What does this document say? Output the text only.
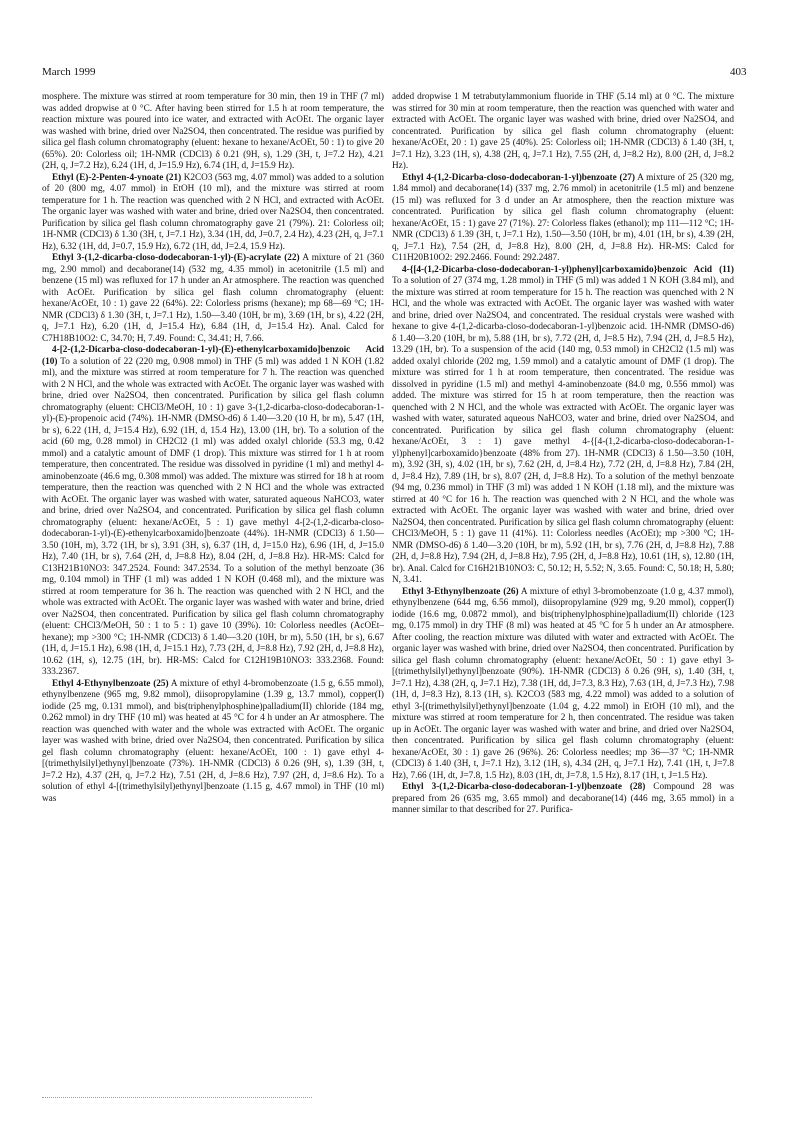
March 1999	403

mosphere. The mixture was stirred at room temperature for 30 min, then 19 in THF (7 ml) was added dropwise at 0 °C. After having been stirred for 1.5 h at room temperature, the reaction mixture was poured into ice water, and extracted with AcOEt. The organic layer was washed with brine, dried over Na2SO4, then concentrated. The residue was purified by silica gel flash column chromatography (eluent: hexane to hexane/AcOEt, 50 : 1) to give 20 (65%). 20: Colorless oil; 1H-NMR (CDCl3) δ 0.21 (9H, s), 1.29 (3H, t, J=7.2 Hz), 4.21 (2H, q, J=7.2 Hz), 6.24 (1H, d, J=15.9 Hz), 6.74 (1H, d, J=15.9 Hz).

Ethyl (E)-2-Penten-4-ynoate (21) K2CO3 (563 mg, 4.07 mmol) was added to a solution of 20 (800 mg, 4.07 mmol) in EtOH (10 ml), and the mixture was stirred at room temperature for 1 h. The reaction was quenched with 2 N HCl, and extracted with AcOEt. The organic layer was washed with water and brine, dried over Na2SO4, then concentrated. Purification by silica gel flash column chromatography gave 21 (79%). 21: Colorless oil; 1H-NMR (CDCl3) δ 1.30 (3H, t, J=7.1 Hz), 3.34 (1H, dd, J=0.7, 2.4 Hz), 4.23 (2H, q, J=7.1 Hz), 6.32 (1H, dd, J=0.7, 15.9 Hz), 6.72 (1H, dd, J=2.4, 15.9 Hz).

Ethyl 3-(1,2-dicarba-closo-dodecaboran-1-yl)-(E)-acrylate (22) A mixture of 21 (360 mg, 2.90 mmol) and decaborane(14) (532 mg, 4.35 mmol) in acetonitrile (1.5 ml) and benzene (15 ml) was refluxed for 17 h under an Ar atmosphere. The reaction was quenched with AcOEt. Purification by silica gel flash column chromatography (eluent: hexane/AcOEt, 10 : 1) gave 22 (64%). 22: Colorless prisms (hexane); mp 68—69 °C; 1H-NMR (CDCl3) δ 1.30 (3H, t, J=7.1 Hz), 1.50—3.40 (10H, br m), 3.69 (1H, br s), 4.22 (2H, q, J=7.1 Hz), 6.20 (1H, d, J=15.4 Hz), 6.84 (1H, d, J=15.4 Hz). Anal. Calcd for C7H18B10O2: C, 34.70; H, 7.49. Found: C, 34.41; H, 7.66.

4-[2-(1,2-Dicarba-closo-dodecaboran-1-yl)-(E)-ethenylcarboxamido]benzoic Acid (10) To a solution of 22 (220 mg, 0.908 mmol) in THF (5 ml) was added 1 N KOH (1.82 ml), and the mixture was stirred at room temperature for 7 h. The reaction was quenched with 2 N HCl, and the whole was extracted with AcOEt. The organic layer was washed with brine, dried over Na2SO4, then concentrated. Purification by silica gel flash column chromatography (eluent: CHCl3/MeOH, 10 : 1) gave 3-(1,2-dicarba-closo-dodecaboran-1-yl)-(E)-propenoic acid (74%). 1H-NMR (DMSO-d6) δ 1.40—3.20 (10 H, br m), 5.47 (1H, br s), 6.22 (1H, d, J=15.4 Hz), 6.92 (1H, d, 15.4 Hz), 13.00 (1H, br). To a solution of the acid (60 mg, 0.28 mmol) in CH2Cl2 (1 ml) was added oxalyl chloride (53.3 mg, 0.42 mmol) and a catalytic amount of DMF (1 drop). This mixture was stirred for 1 h at room temperature, then concentrated. The residue was dissolved in pyridine (1 ml) and methyl 4-aminobenzoate (46.6 mg, 0.308 mmol) was added. The mixture was stirred for 18 h at room temperature, then the reaction was quenched with 2 N HCl and the whole was extracted with AcOEt. The organic layer was washed with water, saturated aqueous NaHCO3, water and brine, dried over Na2SO4, and concentrated. Purification by silica gel flash column chromatography (eluent: hexane/AcOEt, 5 : 1) gave methyl 4-[2-(1,2-dicarba-closo-dodecaboran-1-yl)-(E)-ethenylcarboxamido]benzoate (44%). 1H-NMR (CDCl3) δ 1.50—3.50 (10H, m), 3.72 (1H, br s), 3.91 (3H, s), 6.37 (1H, d, J=15.0 Hz), 6.96 (1H, d, J=15.0 Hz), 7.40 (1H, br s), 7.64 (2H, d, J=8.8 Hz), 8.04 (2H, d, J=8.8 Hz). HR-MS: Calcd for C13H21B10NO3: 347.2524. Found: 347.2534. To a solution of the methyl benzoate (36 mg, 0.104 mmol) in THF (1 ml) was added 1 N KOH (0.468 ml), and the mixture was stirred at room temperature for 36 h. The reaction was quenched with 2 N HCl, and the whole was extracted with AcOEt. The organic layer was washed with water and brine, dried over Na2SO4, then concentrated. Purification by silica gel flash column chromatography (eluent: CHCl3/MeOH, 50 : 1 to 5 : 1) gave 10 (39%). 10: Colorless needles (AcOEt–hexane); mp >300 °C; 1H-NMR (CDCl3) δ 1.40—3.20 (10H, br m), 5.50 (1H, br s), 6.67 (1H, d, J=15.1 Hz), 6.98 (1H, d, J=15.1 Hz), 7.73 (2H, d, J=8.8 Hz), 7.92 (2H, d, J=8.8 Hz), 10.62 (1H, s), 12.75 (1H, br). HR-MS: Calcd for C12H19B10NO3: 333.2368. Found: 333.2367.

Ethyl 4-Ethynylbenzoate (25) A mixture of ethyl 4-bromobenzoate (1.5 g, 6.55 mmol), ethynylbenzene (965 mg, 9.82 mmol), diisopropylamine (1.39 g, 13.7 mmol), copper(I) iodide (25 mg, 0.131 mmol), and bis(triphenylphosphine)palladium(II) chloride (184 mg, 0.262 mmol) in dry THF (10 ml) was heated at 45 °C for 4 h under an Ar atmosphere. The reaction was quenched with water and the whole was extracted with AcOEt. The organic layer was washed with brine, dried over Na2SO4, then concentrated. Purification by silica gel flash column chromatography (eluent: hexane/AcOEt, 100 : 1) gave ethyl 4-[(trimethylsilyl)ethynyl]benzoate (73%). 1H-NMR (CDCl3) δ 0.26 (9H, s), 1.39 (3H, t, J=7.2 Hz), 4.37 (2H, q, J=7.2 Hz), 7.51 (2H, d, J=8.6 Hz), 7.97 (2H, d, J=8.6 Hz). To a solution of ethyl 4-[(trimethylsilyl)ethynyl]benzoate (1.15 g, 4.67 mmol) in THF (10 ml) was

added dropwise 1 M tetrabutylammonium fluoride in THF (5.14 ml) at 0 °C. The mixture was stirred for 30 min at room temperature, then the reaction was quenched with water and extracted with AcOEt. The organic layer was washed with brine, dried over Na2SO4, and concentrated. Purification by silica gel flash column chromatography (eluent: hexane/AcOEt, 20 : 1) gave 25 (40%). 25: Colorless oil; 1H-NMR (CDCl3) δ 1.40 (3H, t, J=7.1 Hz), 3.23 (1H, s), 4.38 (2H, q, J=7.1 Hz), 7.55 (2H, d, J=8.2 Hz), 8.00 (2H, d, J=8.2 Hz).

Ethyl 4-(1,2-Dicarba-closo-dodecaboran-1-yl)benzoate (27) A mixture of 25 (320 mg, 1.84 mmol) and decaborane(14) (337 mg, 2.76 mmol) in acetonitrile (1.5 ml) and benzene (15 ml) was refluxed for 3 d under an Ar atmosphere, then the reaction mixture was concentrated. Purification by silica gel flash column chromatography (eluent: hexane/AcOEt, 15 : 1) gave 27 (71%). 27: Colorless flakes (ethanol); mp 111—112 °C; 1H-NMR (CDCl3) δ 1.39 (3H, t, J=7.1 Hz), 1.50—3.50 (10H, br m), 4.01 (1H, br s), 4.39 (2H, q, J=7.1 Hz), 7.54 (2H, d, J=8.8 Hz), 8.00 (2H, d, J=8.8 Hz). HR-MS: Calcd for C11H20B10O2: 292.2466. Found: 292.2487.

4-{[4-(1,2-Dicarba-closo-dodecaboran-1-yl)phenyl]carboxamido}benzoic Acid (11) To a solution of 27 (374 mg, 1.28 mmol) in THF (5 ml) was added 1 N KOH (3.84 ml), and the mixture was stirred at room temperature for 15 h. The reaction was quenched with 2 N HCl, and the whole was extracted with AcOEt. The organic layer was washed with water and brine, dried over Na2SO4, and concentrated. The residual crystals were washed with hexane to give 4-(1,2-dicarba-closo-dodecaboran-1-yl)benzoic acid. 1H-NMR (DMSO-d6) δ 1.40—3.20 (10H, br m), 5.88 (1H, br s), 7.72 (2H, d, J=8.5 Hz), 7.94 (2H, d, J=8.5 Hz), 13.29 (1H, br). To a suspension of the acid (140 mg, 0.53 mmol) in CH2Cl2 (1.5 ml) was added oxalyl chloride (202 mg, 1.59 mmol) and a catalytic amount of DMF (1 drop). The mixture was stirred for 1 h at room temperature, then concentrated. The residue was dissolved in pyridine (1.5 ml) and methyl 4-aminobenzoate (84.0 mg, 0.556 mmol) was added. The mixture was stirred for 15 h at room temperature, then the reaction was quenched with 2 N HCl, and the whole was extracted with AcOEt. The organic layer was washed with water, saturated aqueous NaHCO3, water and brine, dried over Na2SO4, and concentrated. Purification by silica gel flash column chromatography (eluent: hexane/AcOEt, 3 : 1) gave methyl 4-{[4-(1,2-dicarba-closo-dodecaboran-1-yl)phenyl]carboxamido}benzoate (48% from 27). 1H-NMR (CDCl3) δ 1.50—3.50 (10H, m), 3.92 (3H, s), 4.02 (1H, br s), 7.62 (2H, d, J=8.4 Hz), 7.72 (2H, d, J=8.8 Hz), 7.84 (2H, d, J=8.4 Hz), 7.89 (1H, br s), 8.07 (2H, d, J=8.8 Hz). To a solution of the methyl benzoate (94 mg, 0.236 mmol) in THF (3 ml) was added 1 N KOH (1.18 ml), and the mixture was stirred at 40 °C for 16 h. The reaction was quenched with 2 N HCl, and the whole was extracted with AcOEt. The organic layer was washed with water and brine, dried over Na2SO4, then concentrated. Purification by silica gel flash column chromatography (eluent: CHCl3/MeOH, 5 : 1) gave 11 (41%). 11: Colorless needles (AcOEt); mp >300 °C; 1H-NMR (DMSO-d6) δ 1.40—3.20 (10H, br m), 5.92 (1H, br s), 7.76 (2H, d, J=8.8 Hz), 7.88 (2H, d, J=8.8 Hz), 7.94 (2H, d, J=8.8 Hz), 7.95 (2H, d, J=8.8 Hz), 10.61 (1H, s), 12.80 (1H, br). Anal. Calcd for C16H21B10NO3: C, 50.12; H, 5.52; N, 3.65. Found: C, 50.18; H, 5.80; N, 3.41.

Ethyl 3-Ethynylbenzoate (26) A mixture of ethyl 3-bromobenzoate (1.0 g, 4.37 mmol), ethynylbenzene (644 mg, 6.56 mmol), diisopropylamine (929 mg, 9.20 mmol), copper(I) iodide (16.6 mg, 0.0872 mmol), and bis(triphenylphosphine)palladium(II) chloride (123 mg, 0.175 mmol) in dry THF (8 ml) was heated at 45 °C for 5 h under an Ar atmosphere. After cooling, the reaction mixture was diluted with water and extracted with AcOEt. The organic layer was washed with brine, dried over Na2SO4, then concentrated. Purification by silica gel flash column chromatography (eluent: hexane/AcOEt, 50 : 1) gave ethyl 3-[(trimethylsilyl)ethynyl]benzoate (90%). 1H-NMR (CDCl3) δ 0.26 (9H, s), 1.40 (3H, t, J=7.1 Hz), 4.38 (2H, q, J=7.1 Hz), 7.38 (1H, dd, J=7.3, 8.3 Hz), 7.63 (1H, d, J=7.3 Hz), 7.98 (1H, d, J=8.3 Hz), 8.13 (1H, s). K2CO3 (583 mg, 4.22 mmol) was added to a solution of ethyl 3-[(trimethylsilyl)ethynyl]benzoate (1.04 g, 4.22 mmol) in EtOH (10 ml), and the mixture was stirred at room temperature for 2 h, then concentrated. The residue was taken up in AcOEt. The organic layer was washed with water and brine, and dried over Na2SO4, then concentrated. Purification by silica gel flash column chromatography (eluent: hexane/AcOEt, 30 : 1) gave 26 (96%). 26: Colorless needles; mp 36—37 °C; 1H-NMR (CDCl3) δ 1.40 (3H, t, J=7.1 Hz), 3.12 (1H, s), 4.34 (2H, q, J=7.1 Hz), 7.41 (1H, t, J=7.8 Hz), 7.66 (1H, dt, J=7.8, 1.5 Hz), 8.03 (1H, dt, J=7.8, 1.5 Hz), 8.17 (1H, t, J=1.5 Hz).

Ethyl 3-(1,2-Dicarba-closo-dodecaboran-1-yl)benzoate (28) Compound 28 was prepared from 26 (635 mg, 3.65 mmol) and decaborane(14) (446 mg, 3.65 mmol) in a manner similar to that described for 27. Purifica-
